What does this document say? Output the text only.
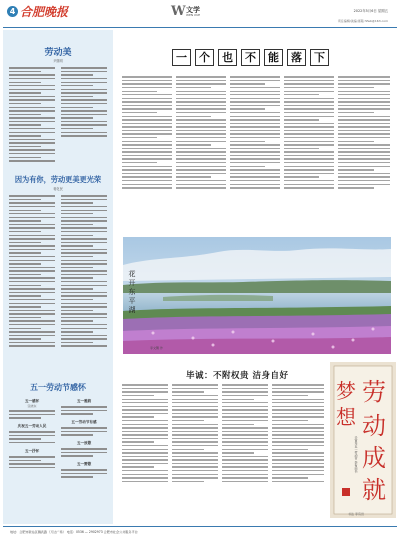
4 合肥晚报	W 文学
WEN XUE
2022年5月6日 星期五
责任编辑/美编 邮箱 hfwb@163.com
劳动美
尹继明
因为有你，劳动更美更光荣
蒋化民
五一劳动节感怀
五一感怀
张晓东
庆祝五一劳动人民
五一抒怀
五一雅韵
五一劳动节有感
五一放歌
五一赞歌
一 个 也 不 能 落 下
花开东平湖
李文馨 作
毕诚：不附权贵 洁身自好
劳
动
成
就
梦
想
壬寅年五一劳动节 李有田书
书法 李有田
地址：合肥市新站区魏武路（万达广场） 电话：0536 — 2902973 合肥市社会公共服务平台
